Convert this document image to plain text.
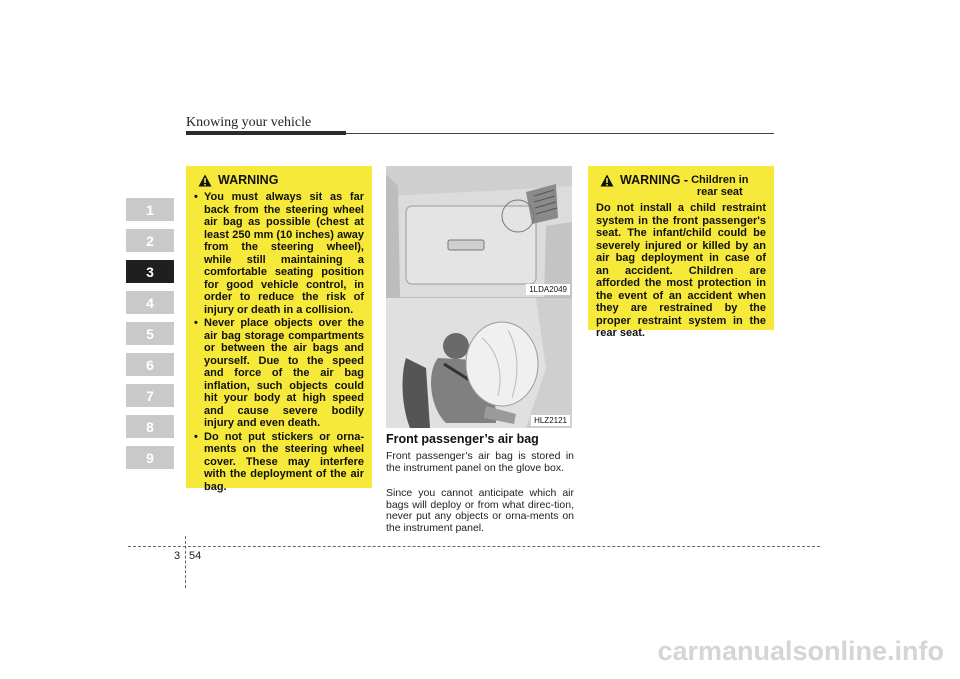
Knowing your vehicle
1
2
3
4
5
6
7
8
9
WARNING
• You must always sit as far back from the steering wheel air bag as possible (chest at least 250 mm (10 inches) away from the steering wheel), while still maintaining a comfortable seating position for good vehicle control, in order to reduce the risk of injury or death in a collision.
• Never place objects over the air bag storage compartments or between the air bags and yourself. Due to the speed and force of the air bag inflation, such objects could hit your body at high speed and cause severe bodily injury and even death.
• Do not put stickers or orna-ments on the steering wheel cover. These may interfere with the deployment of the air bag.
1LDA2049
HLZ2121
Front passenger’s air bag

Front passenger’s air bag is stored in the instrument panel on the glove box.

Since you cannot anticipate which air bags will deploy or from what direc-tion, never put any objects or orna-ments on the instrument panel.

WARNING - Children in
rear seat

Do not install a child restraint system in the front passenger's seat. The infant/child could be severely injured or killed by an air bag deployment in case of an accident. Children are afforded the most protection in the event of an accident when they are restrained by the proper restraint system in the rear seat.

3 54
carmanualsonline.info
